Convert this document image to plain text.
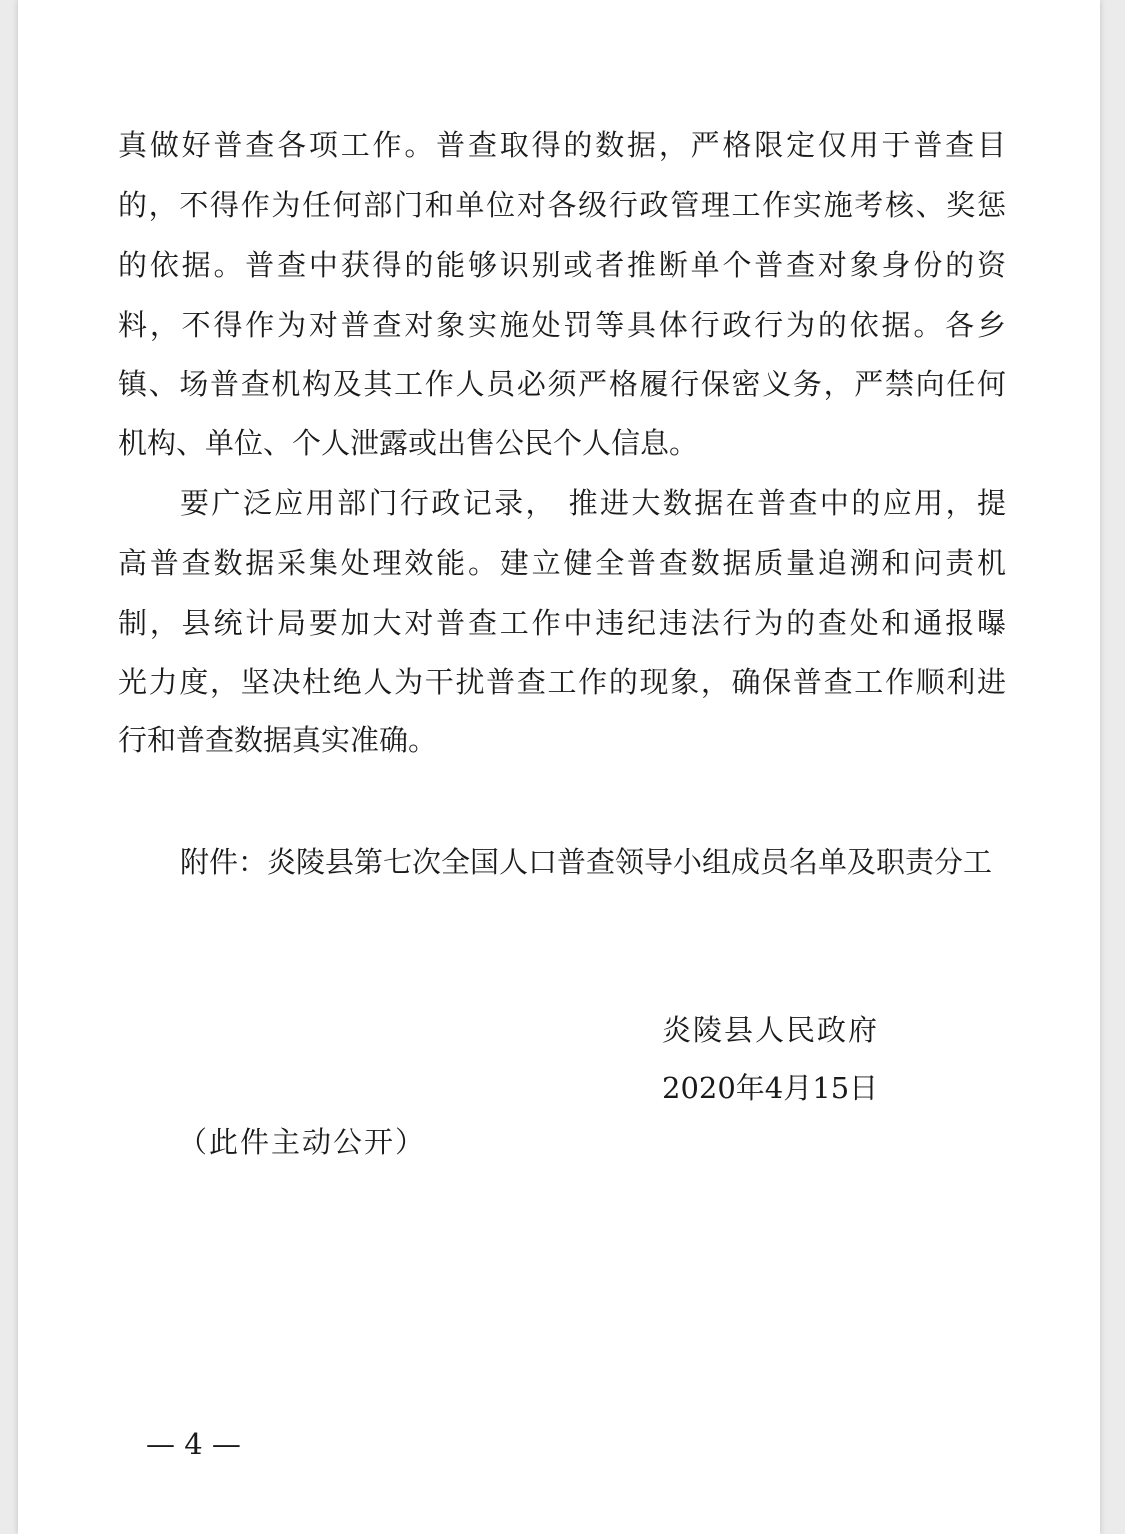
真做好普查各项工作。普查取得的数据，严格限定仅用于普查目
的，不得作为任何部门和单位对各级行政管理工作实施考核、奖惩
的依据。普查中获得的能够识别或者推断单个普查对象身份的资
料，不得作为对普查对象实施处罚等具体行政行为的依据。各乡
镇、场普查机构及其工作人员必须严格履行保密义务，严禁向任何
机构、单位、个人泄露或出售公民个人信息。
要广泛应用部门行政记录， 推进大数据在普查中的应用，提
高普查数据采集处理效能。建立健全普查数据质量追溯和问责机
制，县统计局要加大对普查工作中违纪违法行为的查处和通报曝
光力度，坚决杜绝人为干扰普查工作的现象，确保普查工作顺利进
行和普查数据真实准确。
附件：炎陵县第七次全国人口普查领导小组成员名单及职责分工
炎陵县人民政府
2020年4月15日
（此件主动公开）
— 4 —
